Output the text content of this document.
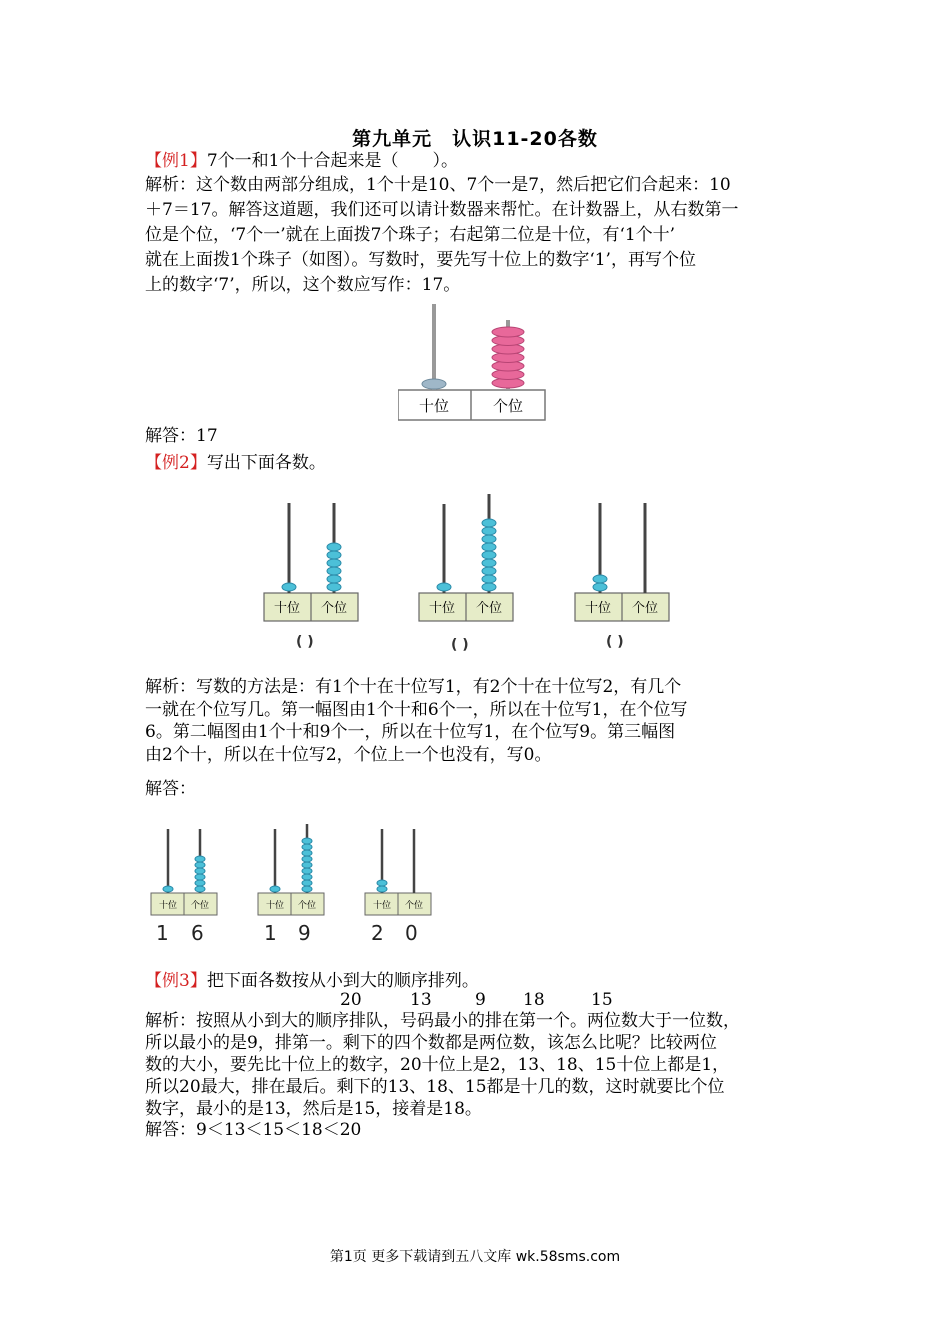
第九单元　认识11-20各数
【例1】7个一和1个十合起来是（　　）。
解析：这个数由两部分组成，1个十是10、7个一是7，然后把它们合起来：10
＋7＝17。解答这道题，我们还可以请计数器来帮忙。在计数器上，从右数第一
位是个位，‘7个一’就在上面拨7个珠子；右起第二位是十位，有‘1个十’
就在上面拨1个珠子（如图）。写数时，要先写十位上的数字‘1’，再写个位
上的数字‘7’，所以，这个数应写作：17。
十位	个位
解答：17
【例2】写出下面各数。
十位 个位
( )
十位 个位
( )
十位 个位
( )
解析：写数的方法是：有1个十在十位写1，有2个十在十位写2，有几个
一就在个位写几。第一幅图由1个十和6个一，所以在十位写1，在个位写
6。第二幅图由1个十和9个一，所以在十位写1，在个位写9。第三幅图
由2个十，所以在十位写2，个位上一个也没有，写0。
解答：
十位 个位
1 6
十位 个位
1 9
十位 个位
2 0
【例3】把下面各数按从小到大的顺序排列。
20	13	9 18	15
解析：按照从小到大的顺序排队，号码最小的排在第一个。两位数大于一位数，
所以最小的是9，排第一。剩下的四个数都是两位数，该怎么比呢？比较两位
数的大小，要先比十位上的数字，20十位上是2，13、18、15十位上都是1，
所以20最大，排在最后。剩下的13、18、15都是十几的数，这时就要比个位
数字，最小的是13，然后是15，接着是18。
解答：9＜13＜15＜18＜20
第1页 更多下载请到五八文库 wk.58sms.com
